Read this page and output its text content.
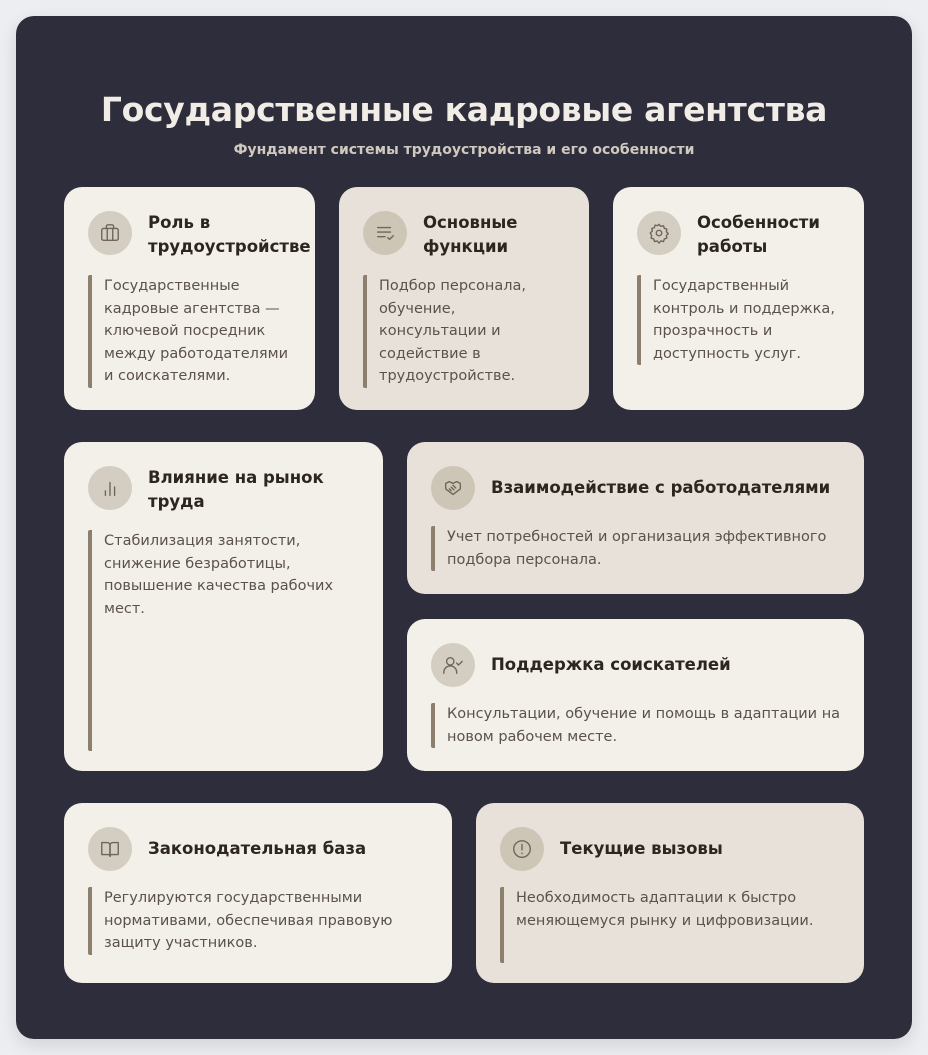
Государственные кадровые агентства
Фундамент системы трудоустройства и его особенности
Роль в трудоустройстве
Государственные кадровые агентства — ключевой посредник между работодателями и соискателями.
Основные функции
Подбор персонала, обучение, консультации и содействие в трудоустройстве.
Особенности работы
Государственный контроль и поддержка, прозрачность и доступность услуг.
Влияние на рынок труда
Стабилизация занятости, снижение безработицы, повышение качества рабочих мест.
Взаимодействие с работодателями
Учет потребностей и организация эффективного подбора персонала.
Поддержка соискателей
Консультации, обучение и помощь в адаптации на новом рабочем месте.
Законодательная база
Регулируются государственными нормативами, обеспечивая правовую защиту участников.
Текущие вызовы
Необходимость адаптации к быстро меняющемуся рынку и цифровизации.
